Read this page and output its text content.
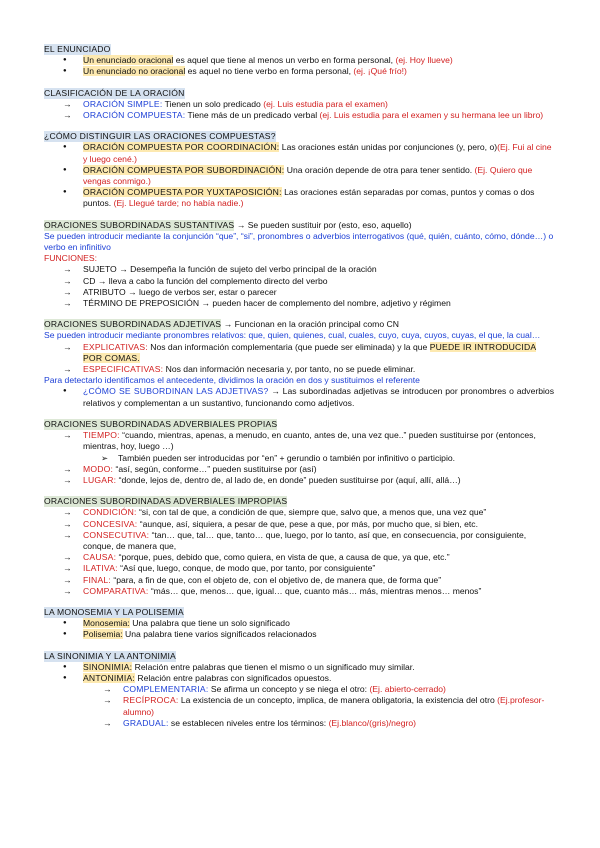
EL ENUNCIADO
● Un enunciado oracional es aquel que tiene al menos un verbo en forma personal, (ej. Hoy llueve)
● Un enunciado no oracional es aquel no tiene verbo en forma personal, (ej. ¡Qué frío!)
CLASIFICACIÓN DE LA ORACIÓN
→ ORACIÓN SIMPLE: Tienen un solo predicado (ej. Luis estudia para el examen)
→ ORACIÓN COMPUESTA: Tiene más de un predicado verbal (ej. Luis estudia para el examen y su hermana lee un libro)
¿CÓMO DISTINGUIR LAS ORACIONES COMPUESTAS?
● ORACIÓN COMPUESTA POR COORDINACIÓN: Las oraciones están unidas por conjunciones (y, pero, o)(Ej. Fui al cine y luego cené.)
● ORACIÓN COMPUESTA POR SUBORDINACIÓN: Una oración depende de otra para tener sentido. (Ej. Quiero que vengas conmigo.)
● ORACIÓN COMPUESTA POR YUXTAPOSICIÓN: Las oraciones están separadas por comas, puntos y comas o dos puntos. (Ej. Llegué tarde; no había nadie.)
ORACIONES SUBORDINADAS SUSTANTIVAS → Se pueden sustituir por (esto, eso, aquello)
Se pueden introducir mediante la conjunción “que”, “si”, pronombres o adverbios interrogativos (qué, quién, cuánto, cómo, dónde…) o verbo en infinitivo
FUNCIONES:
→ SUJETO → Desempeña la función de sujeto del verbo principal de la oración
→ CD → lleva a cabo la función del complemento directo del verbo
→ ATRIBUTO → luego de verbos ser, estar o parecer
→ TÉRMINO DE PREPOSICIÓN → pueden hacer de complemento del nombre, adjetivo y régimen
ORACIONES SUBORDINADAS ADJETIVAS → Funcionan en la oración principal como CN
Se pueden introducir mediante pronombres relativos: que, quien, quienes, cual, cuales, cuyo, cuya, cuyos, cuyas, el que, la cual…
→ EXPLICATIVAS: Nos dan información complementaria (que puede ser eliminada) y la que PUEDE IR INTRODUCIDA POR COMAS.
→ ESPECIFICATIVAS: Nos dan información necesaria y, por tanto, no se puede eliminar.
Para detectarlo identificamos el antecedente, dividimos la oración en dos y sustituimos el referente
● ¿CÓMO SE SUBORDINAN LAS ADJETIVAS? → Las subordinadas adjetivas se introducen por pronombres o adverbios relativos y complementan a un sustantivo, funcionando como adjetivos.
ORACIONES SUBORDINADAS ADVERBIALES PROPIAS
→ TIEMPO: “cuando, mientras, apenas, a menudo, en cuanto, antes de, una vez que..” pueden sustituirse por (entonces, mientras, hoy, luego …)
➢ También pueden ser introducidas por “en” + gerundio o también por infinitivo o participio.
→ MODO: “así, según, conforme…” pueden sustituirse por (así)
→ LUGAR: “donde, lejos de, dentro de, al lado de, en donde” pueden sustituirse por (aquí, allí, allá…)
ORACIONES SUBORDINADAS ADVERBIALES IMPROPIAS
→ CONDICIÓN: “si, con tal de que, a condición de que, siempre que, salvo que, a menos que, una vez que”
→ CONCESIVA: “aunque, así, siquiera, a pesar de que, pese a que, por más, por mucho que, si bien, etc.
→ CONSECUTIVA: “tan… que, tal… que, tanto… que, luego, por lo tanto, así que, en consecuencia, por consiguiente, conque, de manera que,
→ CAUSA: “porque, pues, debido que, como quiera, en vista de que, a causa de que, ya que, etc.”
→ ILATIVA: “Así que, luego, conque, de modo que, por tanto, por consiguiente”
→ FINAL: “para, a fin de que, con el objeto de, con el objetivo de, de manera que, de forma que”
→ COMPARATIVA: “más… que, menos… que, igual… que, cuanto más… más, mientras menos… menos”
LA MONOSEMIA Y LA POLISEMIA
● Monosemia: Una palabra que tiene un solo significado
● Polisemia: Una palabra tiene varios significados relacionados
LA SINONIMIA Y LA ANTONIMIA
● SINONIMIA: Relación entre palabras que tienen el mismo o un significado muy similar.
● ANTONIMIA: Relación entre palabras con significados opuestos.
→ COMPLEMENTARIA: Se afirma un concepto y se niega el otro: (Ej. abierto-cerrado)
→ RECÍPROCA: La existencia de un concepto, implica, de manera obligatoria, la existencia del otro (Ej.profesor-alumno)
→ GRADUAL: se establecen niveles entre los términos: (Ej.blanco/(gris)/negro)
